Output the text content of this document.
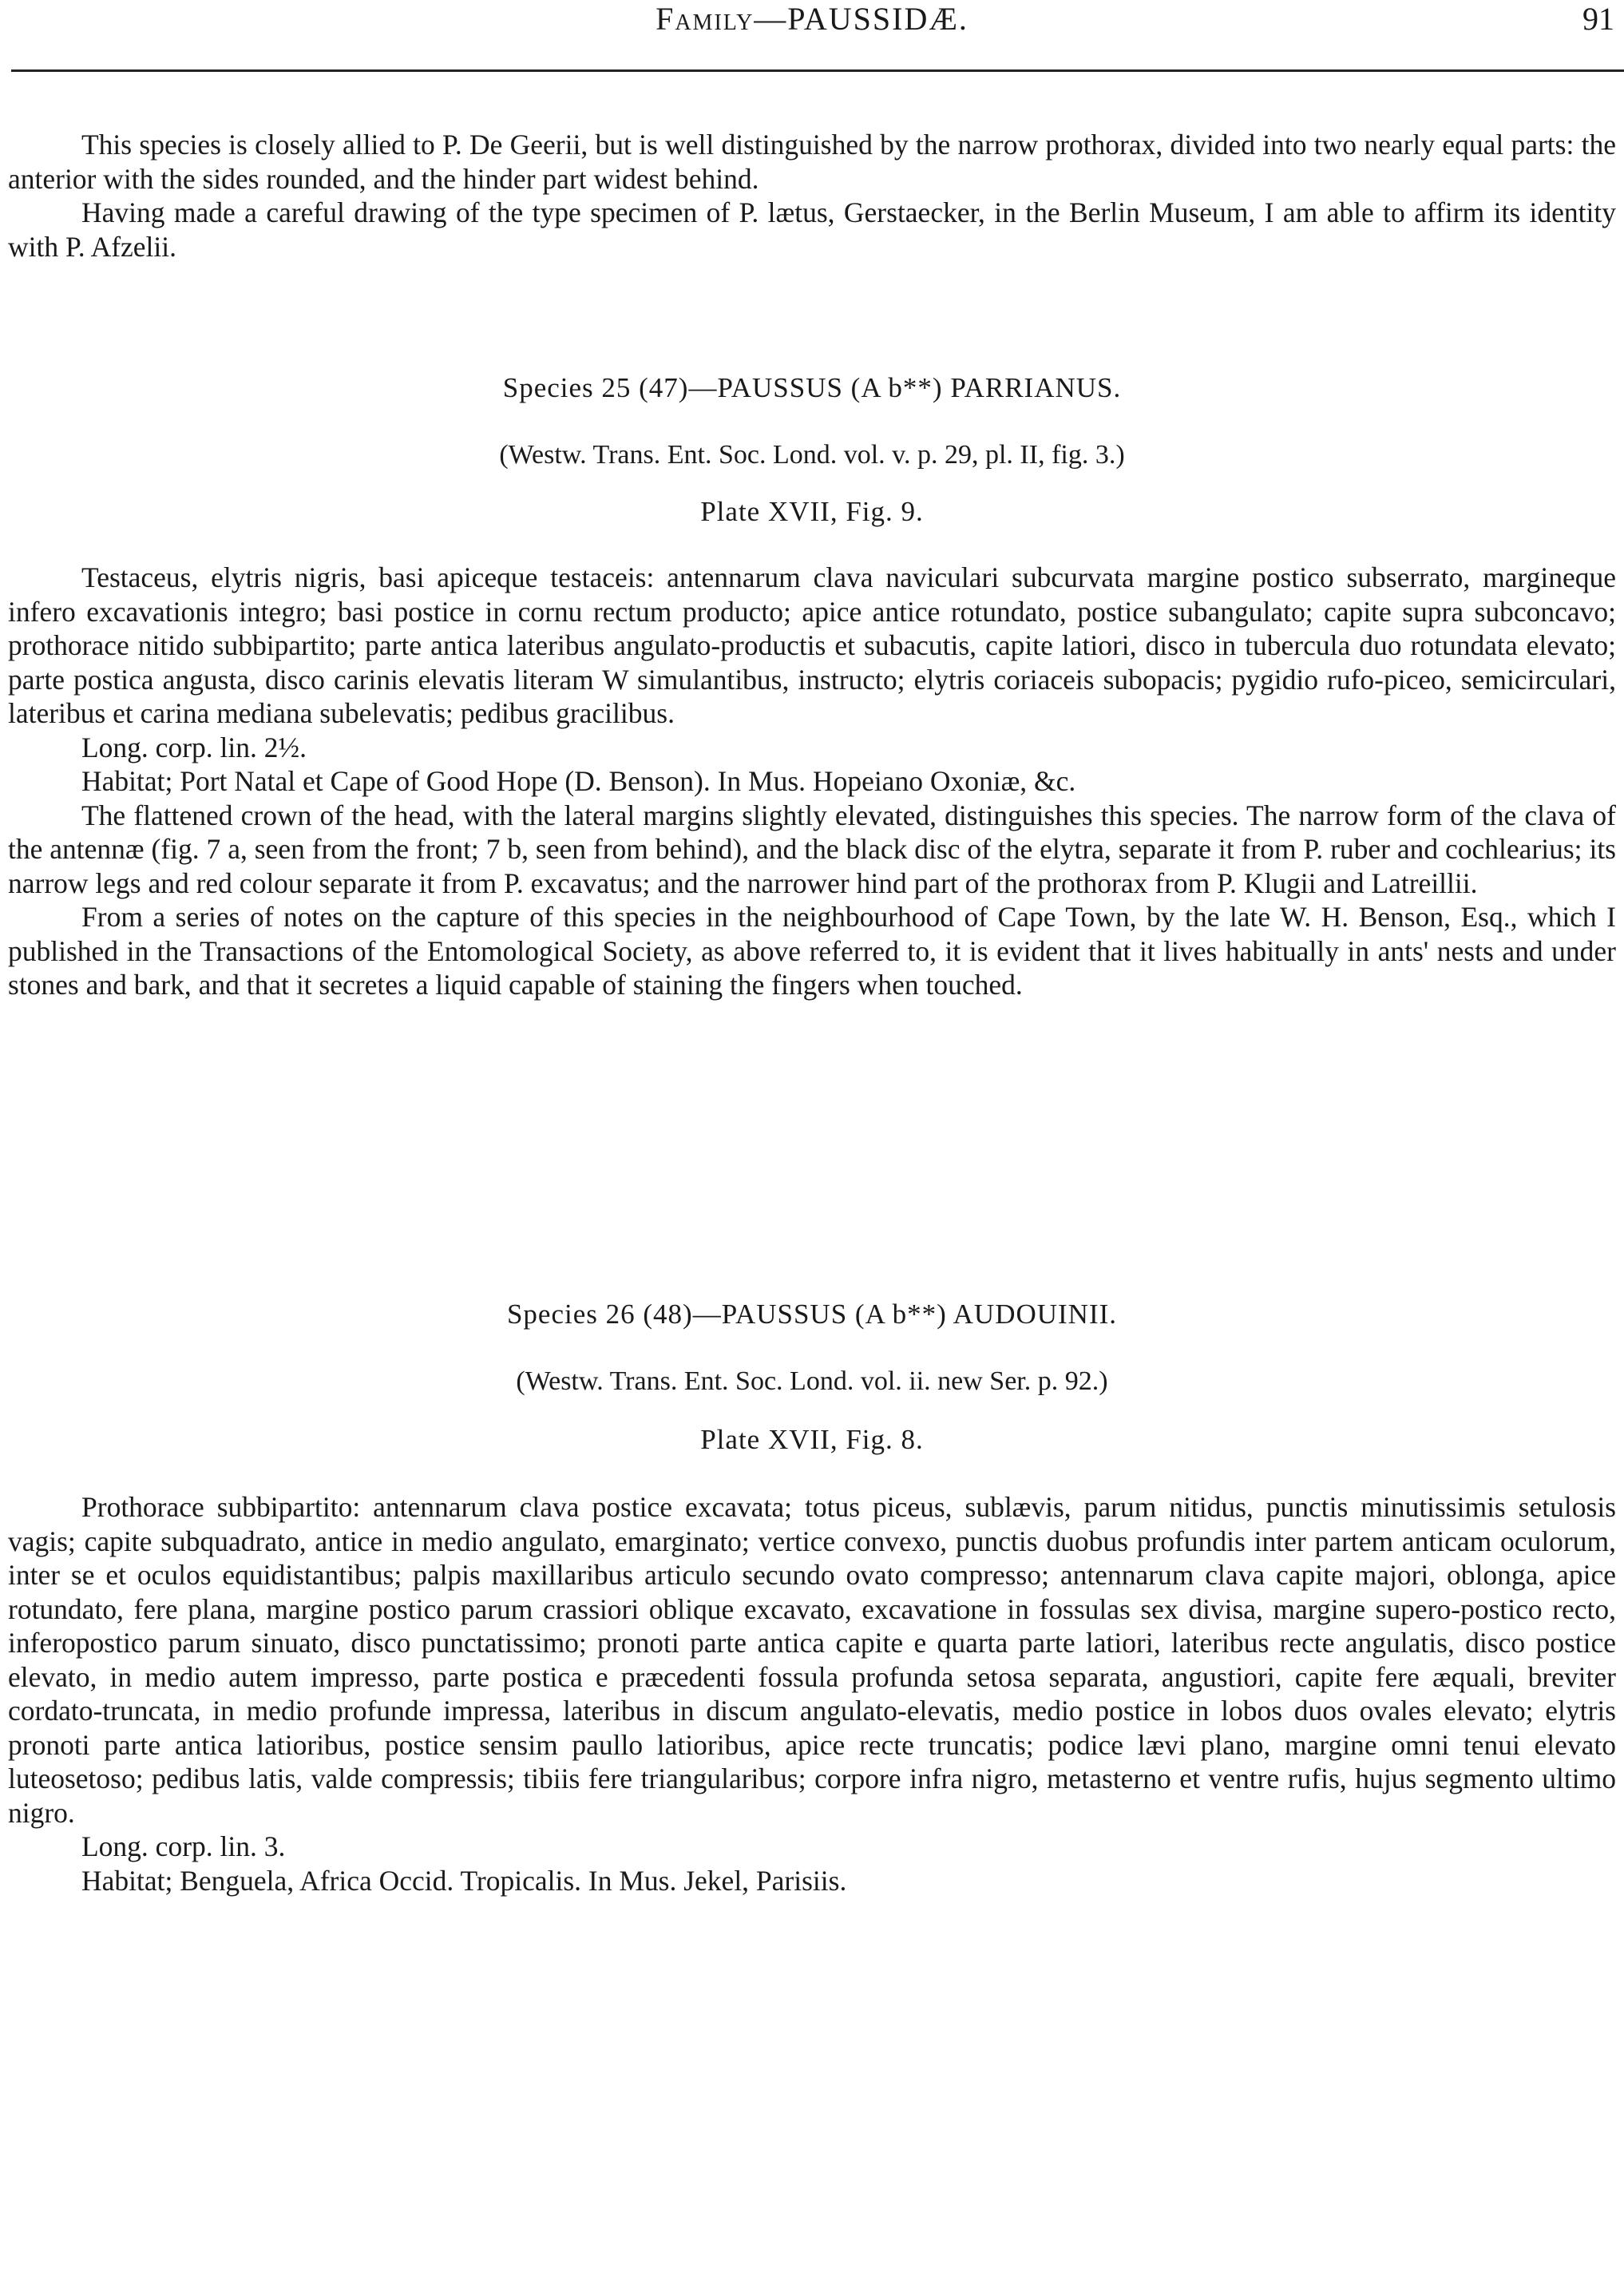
Family—PAUSSIDÆ.	91

This species is closely allied to P. De Geerii, but is well distinguished by the narrow prothorax, divided into two nearly equal parts: the anterior with the sides rounded, and the hinder part widest behind.

Having made a careful drawing of the type specimen of P. lætus, Gerstaecker, in the Berlin Museum, I am able to affirm its identity with P. Afzelii.

Species 25 (47)—PAUSSUS (A b**) PARRIANUS.
(Westw. Trans. Ent. Soc. Lond. vol. v. p. 29, pl. II, fig. 3.)
Plate XVII, Fig. 9.

Testaceus, elytris nigris, basi apiceque testaceis: antennarum clava naviculari subcurvata margine postico subserrato, margineque infero excavationis integro; basi postice in cornu rectum producto; apice antice rotundato, postice subangulato; capite supra subconcavo; prothorace nitido subbipartito; parte antica lateribus angulato-productis et subacutis, capite latiori, disco in tubercula duo rotundata elevato; parte postica angusta, disco carinis elevatis literam W simulantibus, instructo; elytris coriaceis subopacis; pygidio rufo-piceo, semicirculari, lateribus et carina mediana subelevatis; pedibus gracilibus.

Long. corp. lin. 2½.

Habitat; Port Natal et Cape of Good Hope (D. Benson). In Mus. Hopeiano Oxoniæ, &c.

The flattened crown of the head, with the lateral margins slightly elevated, distinguishes this species. The narrow form of the clava of the antennæ (fig. 7 a, seen from the front; 7 b, seen from behind), and the black disc of the elytra, separate it from P. ruber and cochlearius; its narrow legs and red colour separate it from P. excavatus; and the narrower hind part of the prothorax from P. Klugii and Latreillii.

From a series of notes on the capture of this species in the neighbourhood of Cape Town, by the late W. H. Benson, Esq., which I published in the Transactions of the Entomological Society, as above referred to, it is evident that it lives habitually in ants' nests and under stones and bark, and that it secretes a liquid capable of staining the fingers when touched.

Species 26 (48)—PAUSSUS (A b**) AUDOUINII.
(Westw. Trans. Ent. Soc. Lond. vol. ii. new Ser. p. 92.)
Plate XVII, Fig. 8.

Prothorace subbipartito: antennarum clava postice excavata; totus piceus, sublævis, parum nitidus, punctis minutissimis setulosis vagis; capite subquadrato, antice in medio angulato, emarginato; vertice convexo, punctis duobus profundis inter partem anticam oculorum, inter se et oculos equidistantibus; palpis maxillaribus articulo secundo ovato compresso; antennarum clava capite majori, oblonga, apice rotundato, fere plana, margine postico parum crassiori oblique excavato, excavatione in fossulas sex divisa, margine supero-postico recto, inferopostico parum sinuato, disco punctatissimo; pronoti parte antica capite e quarta parte latiori, lateribus recte angulatis, disco postice elevato, in medio autem impresso, parte postica e præcedenti fossula profunda setosa separata, angustiori, capite fere æquali, breviter cordato-truncata, in medio profunde impressa, lateribus in discum angulato-elevatis, medio postice in lobos duos ovales elevato; elytris pronoti parte antica latioribus, postice sensim paullo latioribus, apice recte truncatis; podice lævi plano, margine omni tenui elevato luteosetoso; pedibus latis, valde compressis; tibiis fere triangularibus; corpore infra nigro, metasterno et ventre rufis, hujus segmento ultimo nigro.

Long. corp. lin. 3.

Habitat; Benguela, Africa Occid. Tropicalis. In Mus. Jekel, Parisiis.
